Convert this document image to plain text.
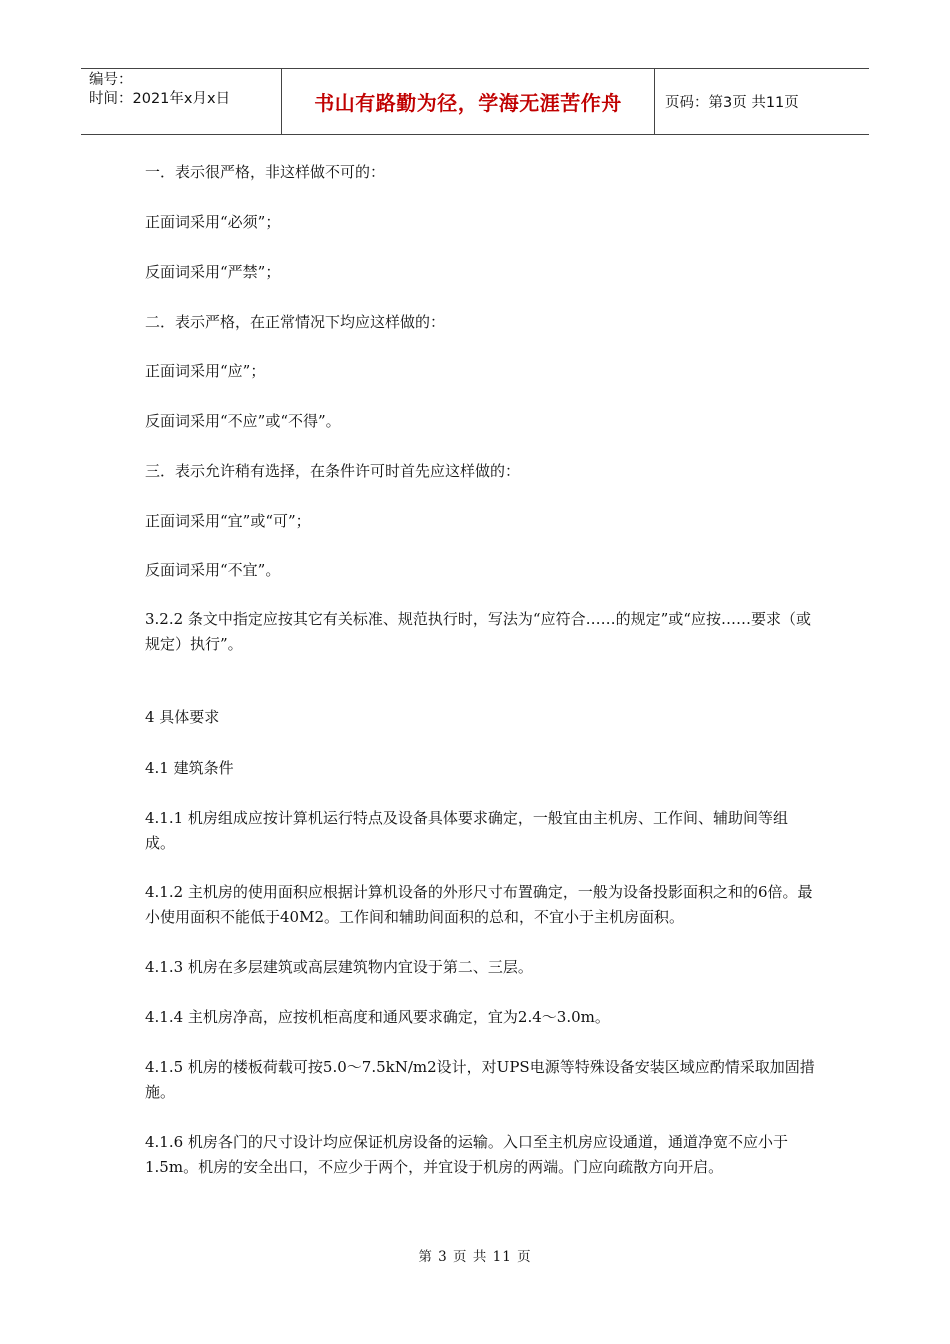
编号：
时间：2021年x月x日	书山有路勤为径，学海无涯苦作舟	页码：第3页 共11页

一．表示很严格，非这样做不可的：

正面词采用“必须”；

反面词采用“严禁”；

二．表示严格，在正常情况下均应这样做的：

正面词采用“应”；

反面词采用“不应”或“不得”。

三．表示允许稍有选择，在条件许可时首先应这样做的：

正面词采用“宜”或“可”；

反面词采用“不宜”。

3.2.2 条文中指定应按其它有关标准、规范执行时，写法为“应符合……的规定”或“应按……要求（或规定）执行”。

4 具体要求

4.1 建筑条件

4.1.1 机房组成应按计算机运行特点及设备具体要求确定，一般宜由主机房、工作间、辅助间等组成。

4.1.2 主机房的使用面积应根据计算机设备的外形尺寸布置确定，一般为设备投影面积之和的6倍。最小使用面积不能低于40M2。工作间和辅助间面积的总和，不宜小于主机房面积。

4.1.3 机房在多层建筑或高层建筑物内宜设于第二、三层。

4.1.4 主机房净高，应按机柜高度和通风要求确定，宜为2.4～3.0m。

4.1.5 机房的楼板荷载可按5.0～7.5kN/m2设计，对UPS电源等特殊设备安装区域应酌情采取加固措施。

4.1.6 机房各门的尺寸设计均应保证机房设备的运输。入口至主机房应设通道，通道净宽不应小于1.5m。机房的安全出口，不应少于两个，并宜设于机房的两端。门应向疏散方向开启。

第 3 页 共 11 页
